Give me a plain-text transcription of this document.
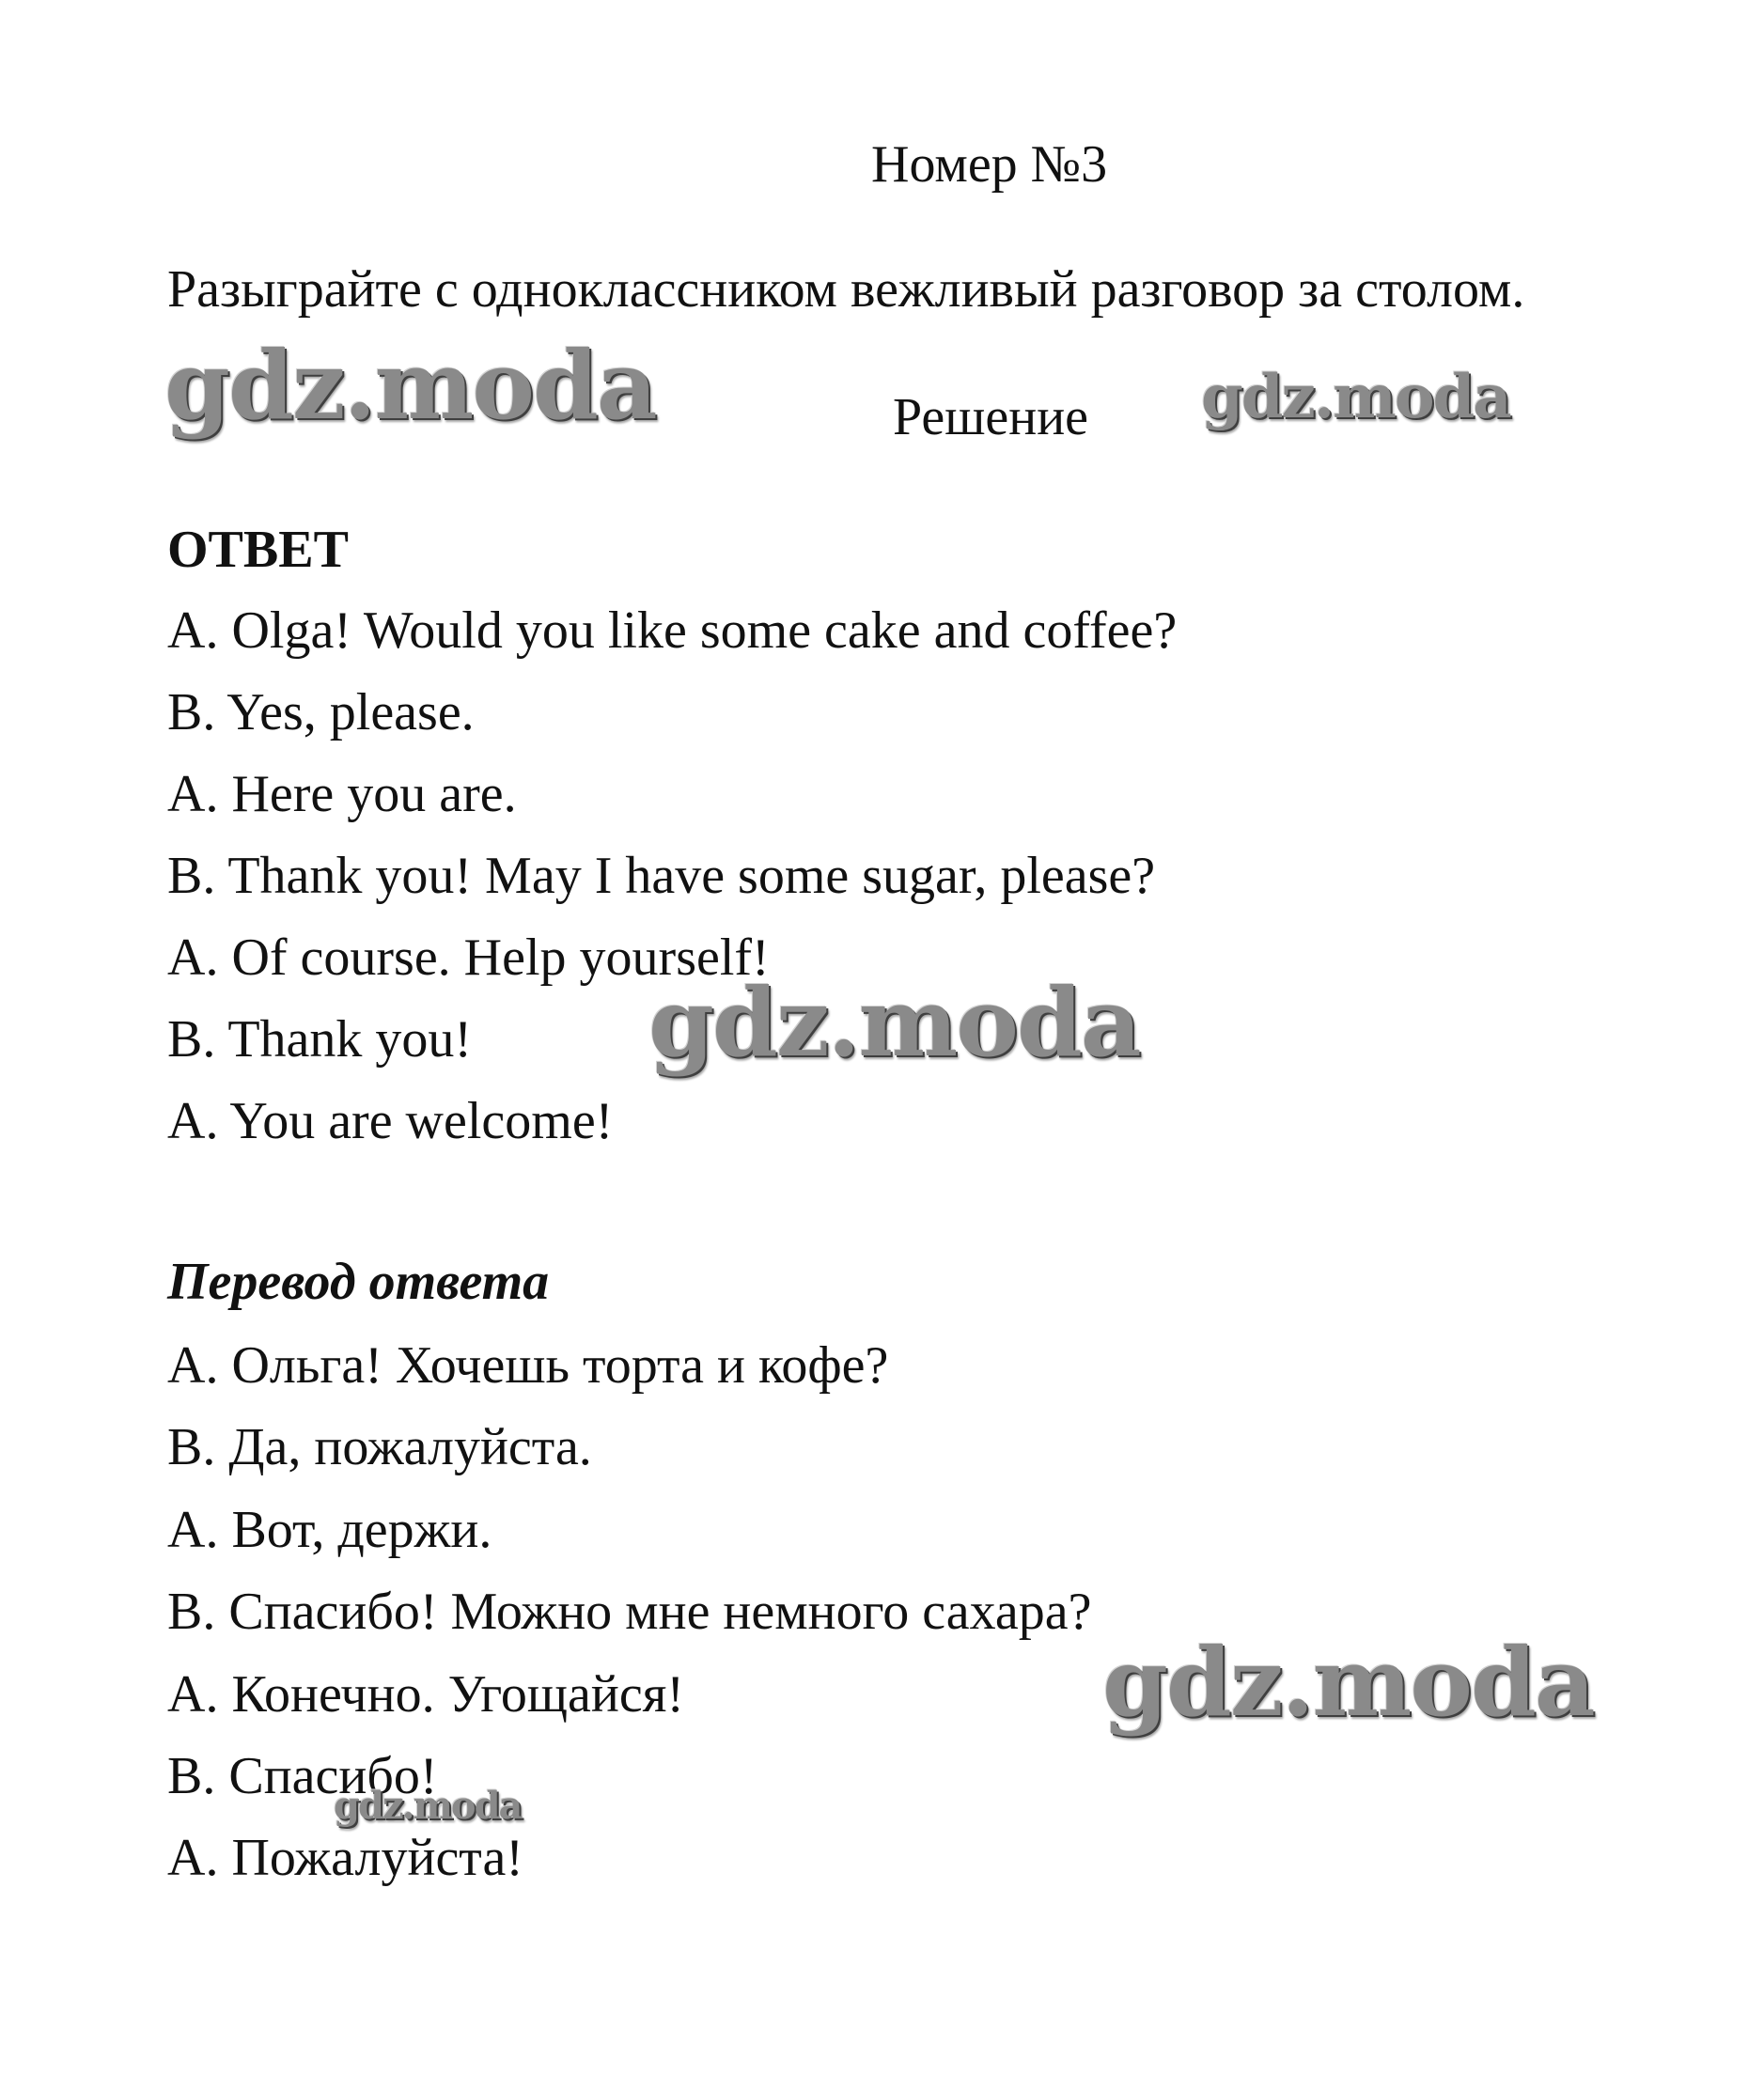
Номер №3
Разыграйте с одноклассником вежливый разговор за столом.
Решение
ОТВЕТ
A. Olga! Would you like some cake and coffee?
B. Yes, please.
A. Here you are.
B. Thank you! May I have some sugar, please?
A. Of course. Help yourself!
B. Thank you!
A. You are welcome!
Перевод ответа
A. Ольга! Хочешь торта и кофе?
B. Да, пожалуйста.
A. Вот, держи.
B. Спасибо! Можно мне немного сахара?
A. Конечно. Угощайся!
B. Спасибо!
A. Пожалуйста!
gdz.moda	gdz.moda
gdz.moda
gdz.moda
gdz.moda
